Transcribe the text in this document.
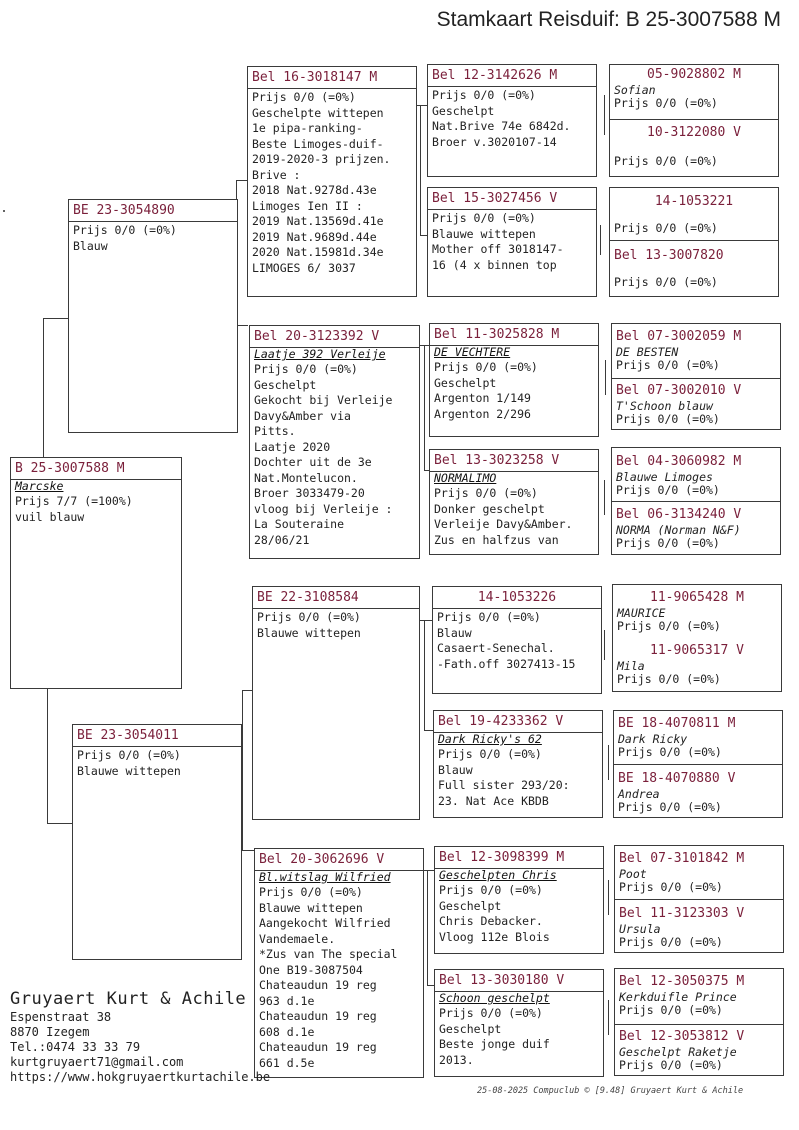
Stamkaart Reisduif: B 25-3007588 M
B 25-3007588 M
Marcske
Prijs 7/7 (=100%)
vuil blauw
BE 23-3054890
Prijs 0/0 (=0%)
Blauw
BE 23-3054011
Prijs 0/0 (=0%)
Blauwe wittepen
Bel 16-3018147 M
Prijs 0/0 (=0%)
Geschelpte wittepen
1e pipa-ranking-
Beste Limoges-duif-
2019-2020-3 prijzen.
Brive :
2018 Nat.9278d.43e
Limoges Ien II :
2019 Nat.13569d.41e
2019 Nat.9689d.44e
2020 Nat.15981d.34e
LIMOGES 6/ 3037
Bel 20-3123392 V
Laatje 392 Verleije
Prijs 0/0 (=0%)
Geschelpt
Gekocht bij Verleije
Davy&Amber via
Pitts.
Laatje 2020
Dochter uit de 3e
Nat.Montelucon.
Broer 3033479-20
vloog bij Verleije :
La Souteraine
28/06/21
BE 22-3108584
Prijs 0/0 (=0%)
Blauwe wittepen
Bel 20-3062696 V
Bl.witslag Wilfried
Prijs 0/0 (=0%)
Blauwe wittepen
Aangekocht Wilfried
Vandemaele.
*Zus van The special
One B19-3087504
Chateaudun 19 reg
963 d.1e
Chateaudun 19 reg
608 d.1e
Chateaudun 19 reg
661 d.5e
Bel 12-3142626 M
Prijs 0/0 (=0%)
Geschelpt
Nat.Brive 74e 6842d.
Broer v.3020107-14
Bel 15-3027456 V
Prijs 0/0 (=0%)
Blauwe wittepen
Mother off 3018147-
16 (4 x binnen top
Bel 11-3025828 M
DE VECHTERE
Prijs 0/0 (=0%)
Geschelpt
Argenton 1/149
Argenton 2/296
Bel 13-3023258 V
NORMALIMO
Prijs 0/0 (=0%)
Donker geschelpt
Verleije Davy&Amber.
Zus en halfzus van
14-1053226
Prijs 0/0 (=0%)
Blauw
Casaert-Senechal.
-Fath.off 3027413-15
Bel 19-4233362 V
Dark Ricky's 62
Prijs 0/0 (=0%)
Blauw
Full sister 293/20:
23. Nat Ace KBDB
Bel 12-3098399 M
Geschelpten Chris
Prijs 0/0 (=0%)
Geschelpt
Chris Debacker.
Vloog 112e Blois
Bel 13-3030180 V
Schoon geschelpt
Prijs 0/0 (=0%)
Geschelpt
Beste jonge duif
2013.
05-9028802 M
Sofian
Prijs 0/0 (=0%)
10-3122080 V
Prijs 0/0 (=0%)
14-1053221
Prijs 0/0 (=0%)
Bel 13-3007820
Prijs 0/0 (=0%)
Bel 07-3002059 M
DE BESTEN
Prijs 0/0 (=0%)
Bel 07-3002010 V
T'Schoon blauw
Prijs 0/0 (=0%)
Bel 04-3060982 M
Blauwe Limoges
Prijs 0/0 (=0%)
Bel 06-3134240 V
NORMA (Norman N&F)
Prijs 0/0 (=0%)
11-9065428 M
MAURICE
Prijs 0/0 (=0%)
11-9065317 V
Mila
Prijs 0/0 (=0%)
BE 18-4070811 M
Dark Ricky
Prijs 0/0 (=0%)
BE 18-4070880 V
Andrea
Prijs 0/0 (=0%)
Bel 07-3101842 M
Poot
Prijs 0/0 (=0%)
Bel 11-3123303 V
Ursula
Prijs 0/0 (=0%)
Bel 12-3050375 M
Kerkduifle Prince
Prijs 0/0 (=0%)
Bel 12-3053812 V
Geschelpt Raketje
Prijs 0/0 (=0%)
Gruyaert Kurt & Achile
Espenstraat 38
8870 Izegem
Tel.:0474 33 33 79
kurtgruyaert71@gmail.com
https://www.hokgruyaertkurtachile.be
25-08-2025 Compuclub © [9.48] Gruyaert Kurt & Achile
